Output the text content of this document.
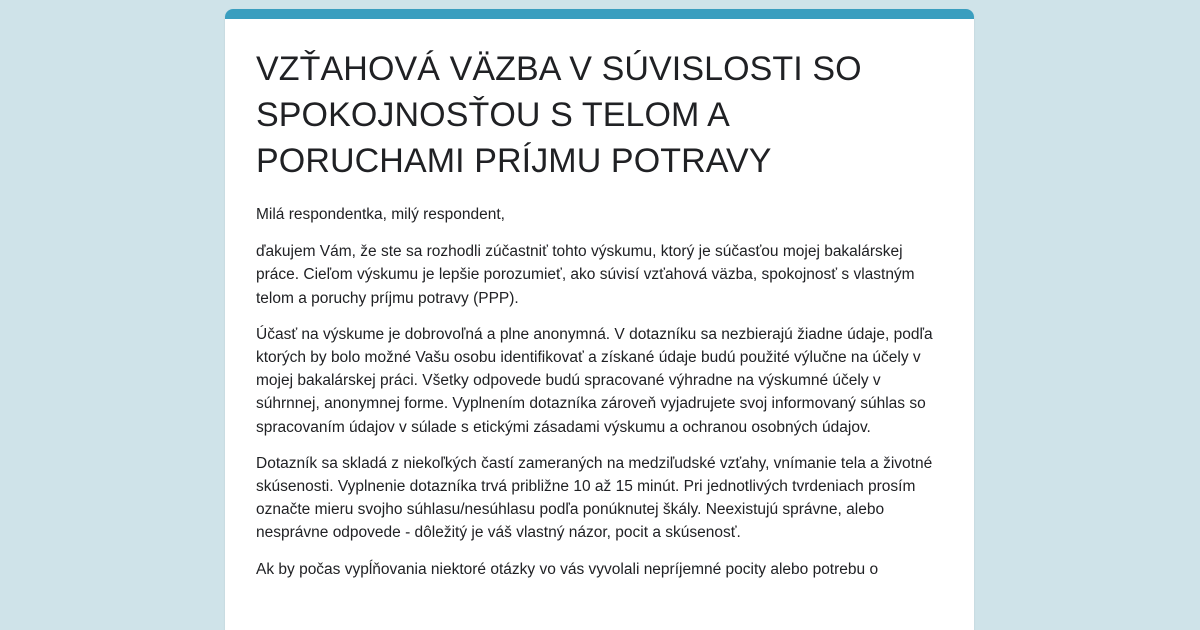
VZŤAHOVÁ VÄZBA V SÚVISLOSTI SO SPOKOJNOSŤOU S TELOM A PORUCHAMI PRÍJMU POTRAVY

Milá respondentka, milý respondent,

ďakujem Vám, že ste sa rozhodli zúčastniť tohto výskumu, ktorý je súčasťou mojej bakalárskej práce. Cieľom výskumu je lepšie porozumieť, ako súvisí vzťahová väzba, spokojnosť s vlastným telom a poruchy príjmu potravy (PPP).

Účasť na výskume je dobrovoľná a plne anonymná. V dotazníku sa nezbierajú žiadne údaje, podľa ktorých by bolo možné Vašu osobu identifikovať a získané údaje budú použité výlučne na účely v mojej bakalárskej práci. Všetky odpovede budú spracované výhradne na výskumné účely v súhrnnej, anonymnej forme. Vyplnením dotazníka zároveň vyjadrujete svoj informovaný súhlas so spracovaním údajov v súlade s etickými zásadami výskumu a ochranou osobných údajov.

Dotazník sa skladá z niekoľkých častí zameraných na medziľudské vzťahy, vnímanie tela a životné skúsenosti. Vyplnenie dotazníka trvá približne 10 až 15 minút. Pri jednotlivých tvrdeniach prosím označte mieru svojho súhlasu/nesúhlasu podľa ponúknutej škály. Neexistujú správne, alebo nesprávne odpovede - dôležitý je váš vlastný názor, pocit a skúsenosť.

Ak by počas vypĺňovania niektoré otázky vo vás vyvolali nepríjemné pocity alebo potrebu o
